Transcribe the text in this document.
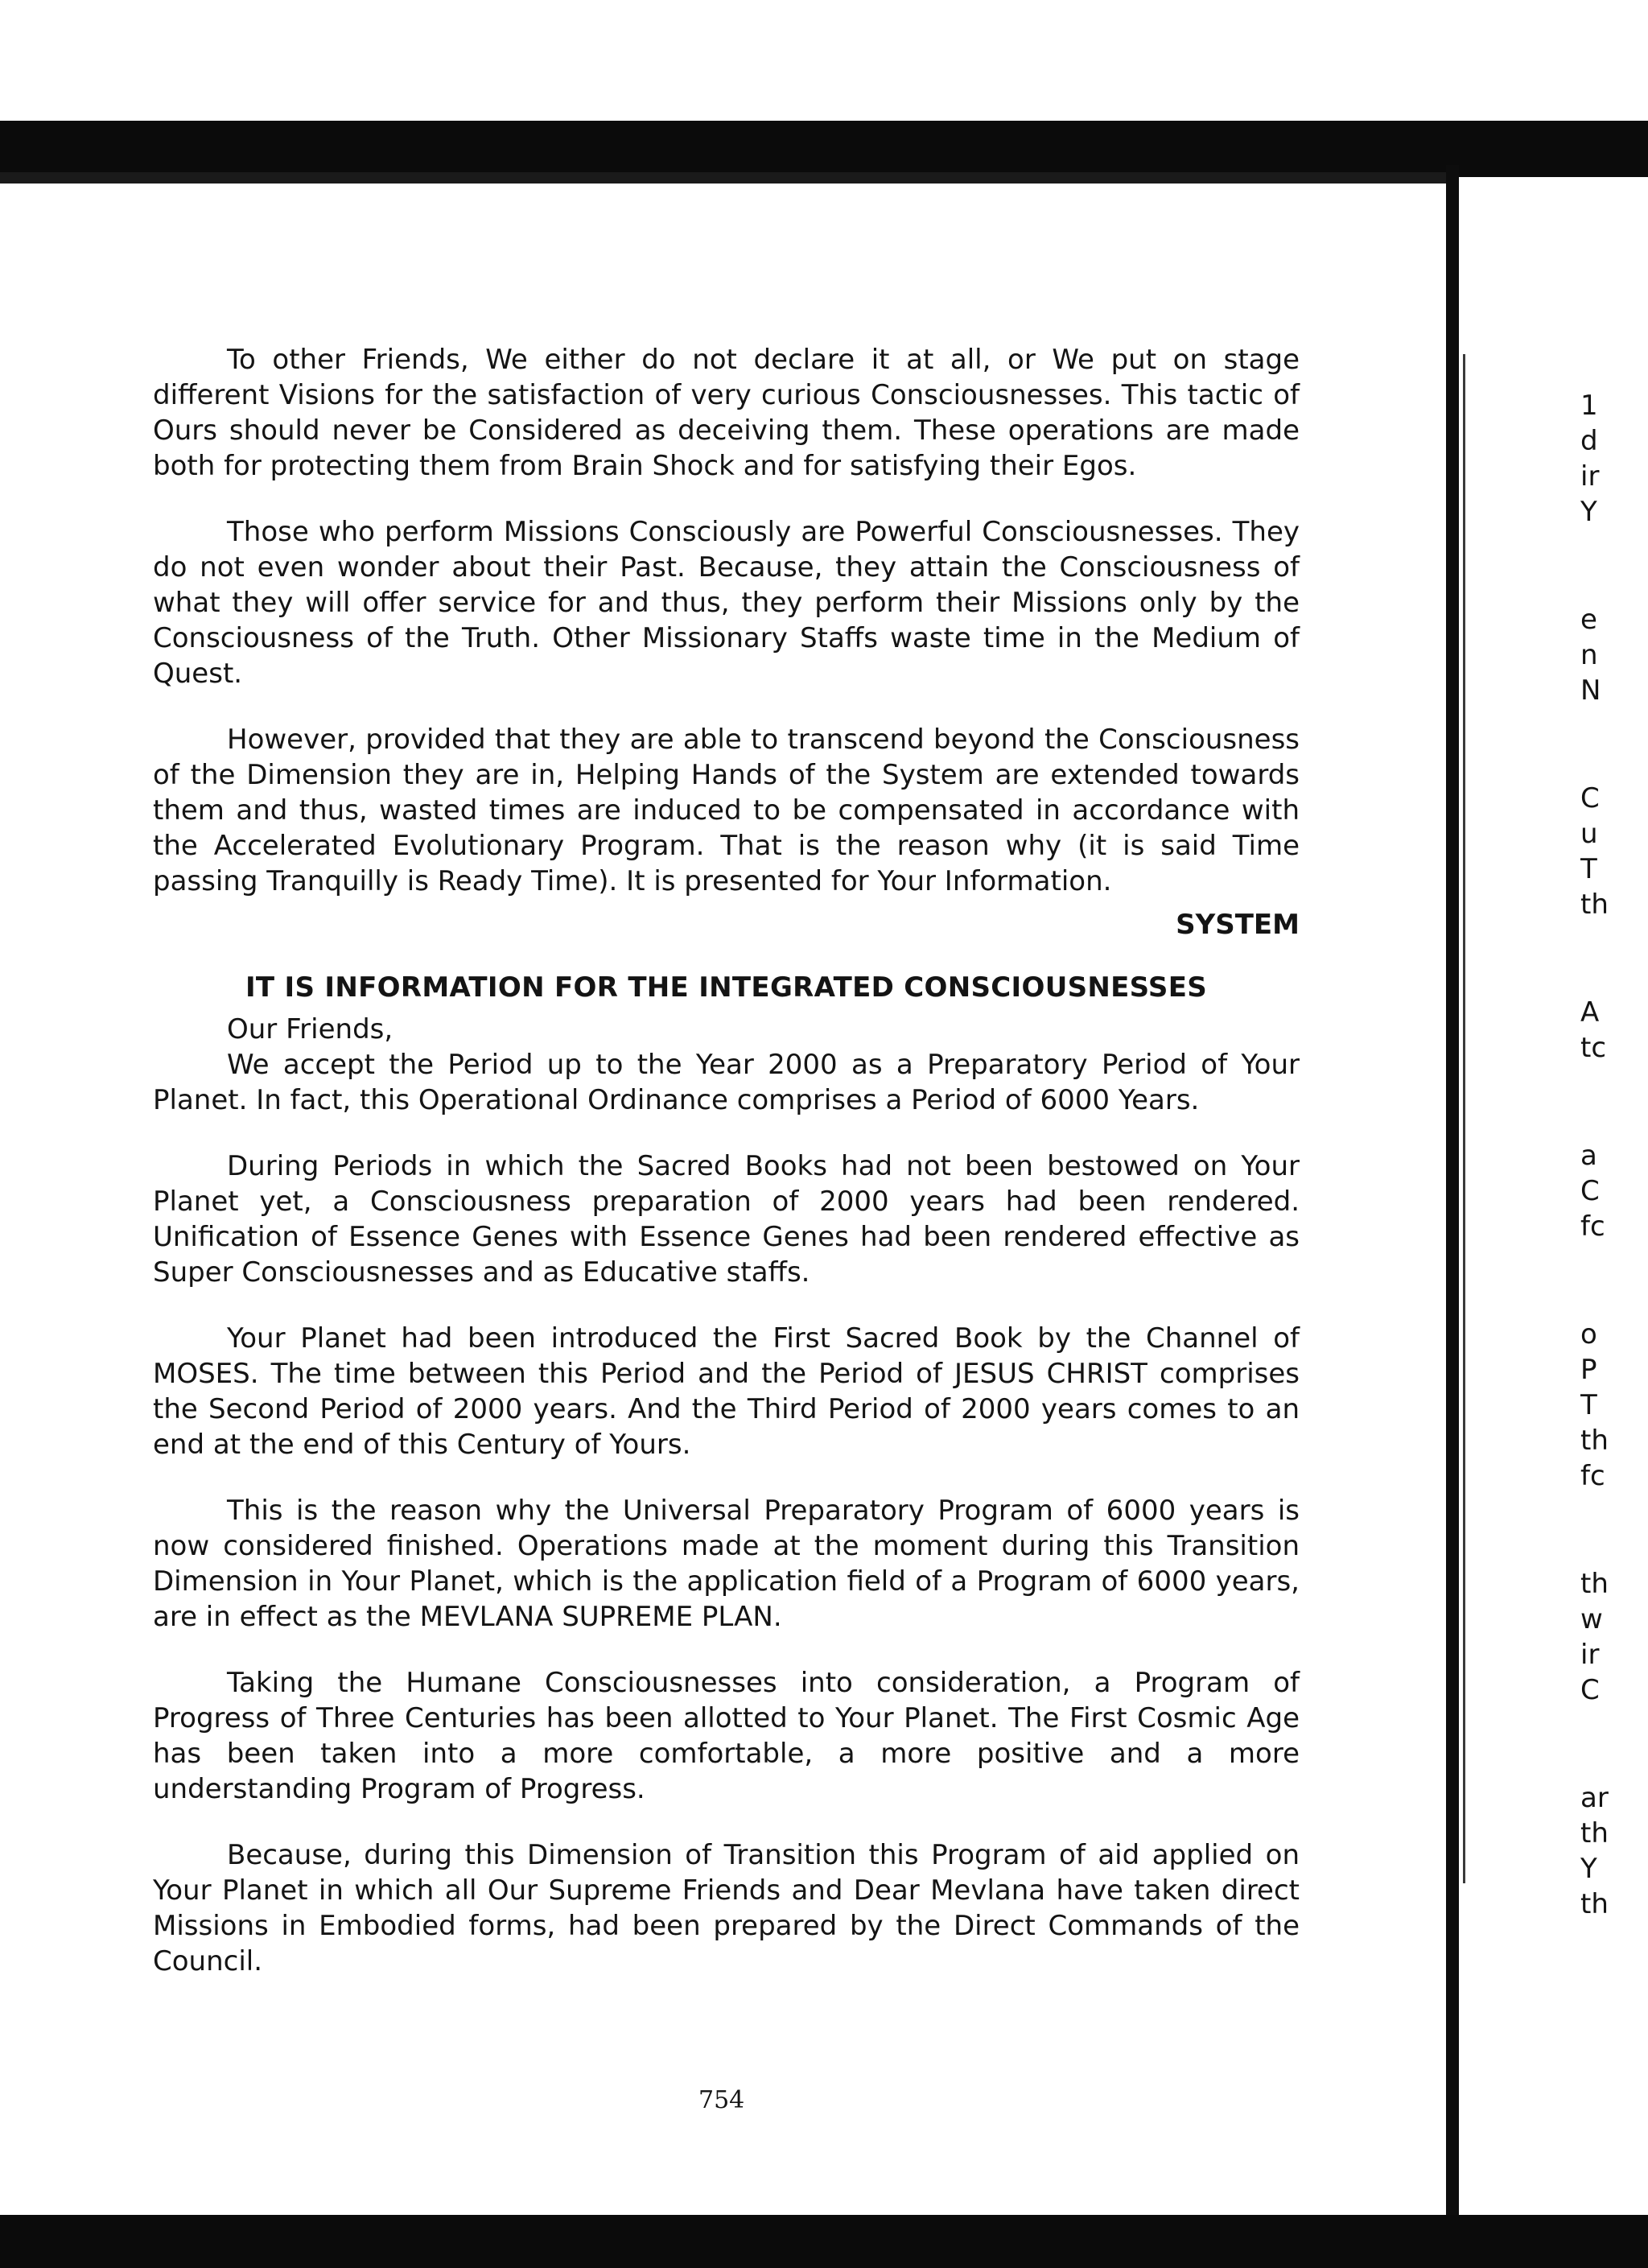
To other Friends, We either do not declare it at all, or We put on stage different Visions for the satisfaction of very curious Consciousnesses. This tactic of Ours should never be Considered as deceiving them. These operations are made both for protecting them from Brain Shock and for satisfying their Egos.

Those who perform Missions Consciously are Powerful Consciousnesses. They do not even wonder about their Past. Because, they attain the Consciousness of what they will offer service for and thus, they perform their Missions only by the Consciousness of the Truth. Other Missionary Staffs waste time in the Medium of Quest.

However, provided that they are able to transcend beyond the Consciousness of the Dimension they are in, Helping Hands of the System are extended towards them and thus, wasted times are induced to be compensated in accordance with the Accelerated Evolutionary Program. That is the reason why (it is said Time passing Tranquilly is Ready Time). It is presented for Your Information.

SYSTEM

IT IS INFORMATION FOR THE INTEGRATED CONSCIOUSNESSES

Our Friends,

We accept the Period up to the Year 2000 as a Preparatory Period of Your Planet. In fact, this Operational Ordinance comprises a Period of 6000 Years.

During Periods in which the Sacred Books had not been bestowed on Your Planet yet, a Consciousness preparation of 2000 years had been rendered. Unification of Essence Genes with Essence Genes had been rendered effective as Super Consciousnesses and as Educative staffs.

Your Planet had been introduced the First Sacred Book by the Channel of MOSES. The time between this Period and the Period of JESUS CHRIST comprises the Second Period of 2000 years. And the Third Period of 2000 years comes to an end at the end of this Century of Yours.

This is the reason why the Universal Preparatory Program of 6000 years is now considered finished. Operations made at the moment during this Transition Dimension in Your Planet, which is the application field of a Program of 6000 years, are in effect as the MEVLANA SUPREME PLAN.

Taking the Humane Consciousnesses into consideration, a Program of Progress of Three Centuries has been allotted to Your Planet. The First Cosmic Age has been taken into a more comfortable, a more positive and a more understanding Program of Progress.

Because, during this Dimension of Transition this Program of aid applied on Your Planet in which all Our Supreme Friends and Dear Mevlana have taken direct Missions in Embodied forms, had been prepared by the Direct Commands of the Council.

754
1
d
ir
Y
e
n
N
C
u
T
th
A
tc
a
C
fc
o
P
T
th
fc
th
w
ir
C
ar
th
Y
th
